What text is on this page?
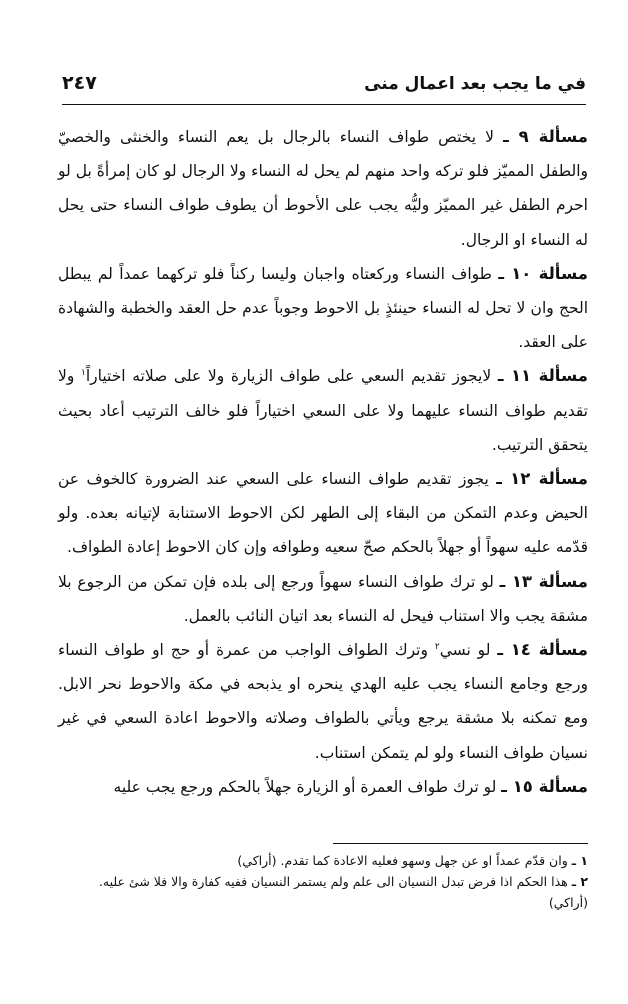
في ما يجب بعد اعمال منى
٢٤٧

مسألة ٩ ـ لا يختص طواف النساء بالرجال بل يعم النساء والخنثى والخصيّ والطفل المميّز فلو تركه واحد منهم لم يحل له النساء ولا الرجال لو كان إمرأةً بل لو احرم الطفل غير المميّز وليُّه يجب على الأحوط أن يطوف طواف النساء حتى يحل له النساء او الرجال.

مسألة ١٠ ـ طواف النساء وركعتاه واجبان وليسا ركناً فلو تركهما عمداً لم يبطل الحج وان لا تحل له النساء حينئذٍ بل الاحوط وجوباً عدم حل العقد والخطبة والشهادة على العقد.

مسألة ١١ ـ لايجوز تقديم السعي على طواف الزيارة ولا على صلاته اختياراً$^١$ ولا تقديم طواف النساء عليهما ولا على السعي اختياراً فلو خالف الترتيب أعاد بحيث يتحقق الترتيب.

مسألة ١٢ ـ يجوز تقديم طواف النساء على السعي عند الضرورة كالخوف عن الحيض وعدم التمكن من البقاء إلى الطهر لكن الاحوط الاستنابة لإتيانه بعده. ولو قدّمه عليه سهواً أو جهلاً بالحكم صحّ سعيه وطوافه وإن كان الاحوط إعادة الطواف.

مسألة ١٣ ـ لو ترك طواف النساء سهواً ورجع إلى بلده فإن تمكن من الرجوع بلا مشقة يجب والا استناب فيحل له النساء بعد اتيان النائب بالعمل.

مسألة ١٤ ـ لو نسي$^٢$ وترك الطواف الواجب من عمرة أو حج او طواف النساء ورجع وجامع النساء يجب عليه الهدي ينحره او يذبحه في مكة والاحوط نحر الابل. ومع تمكنه بلا مشقة يرجع ويأتي بالطواف وصلاته والاحوط اعادة السعي في غير نسيان طواف النساء ولو لم يتمكن استناب.

مسألة ١٥ ـ لو ترك طواف العمرة أو الزيارة جهلاً بالحكم ورجع يجب عليه

١ ـ وان قدّم عمداً او عن جهل وسهو فعليه الاعادة كما تقدم. (أراكي)

٢ ـ هذا الحكم اذا فرض تبدل النسيان الى علم ولم يستمر النسيان ففيه كفارة والا فلا شئ عليه. (أراكي)
